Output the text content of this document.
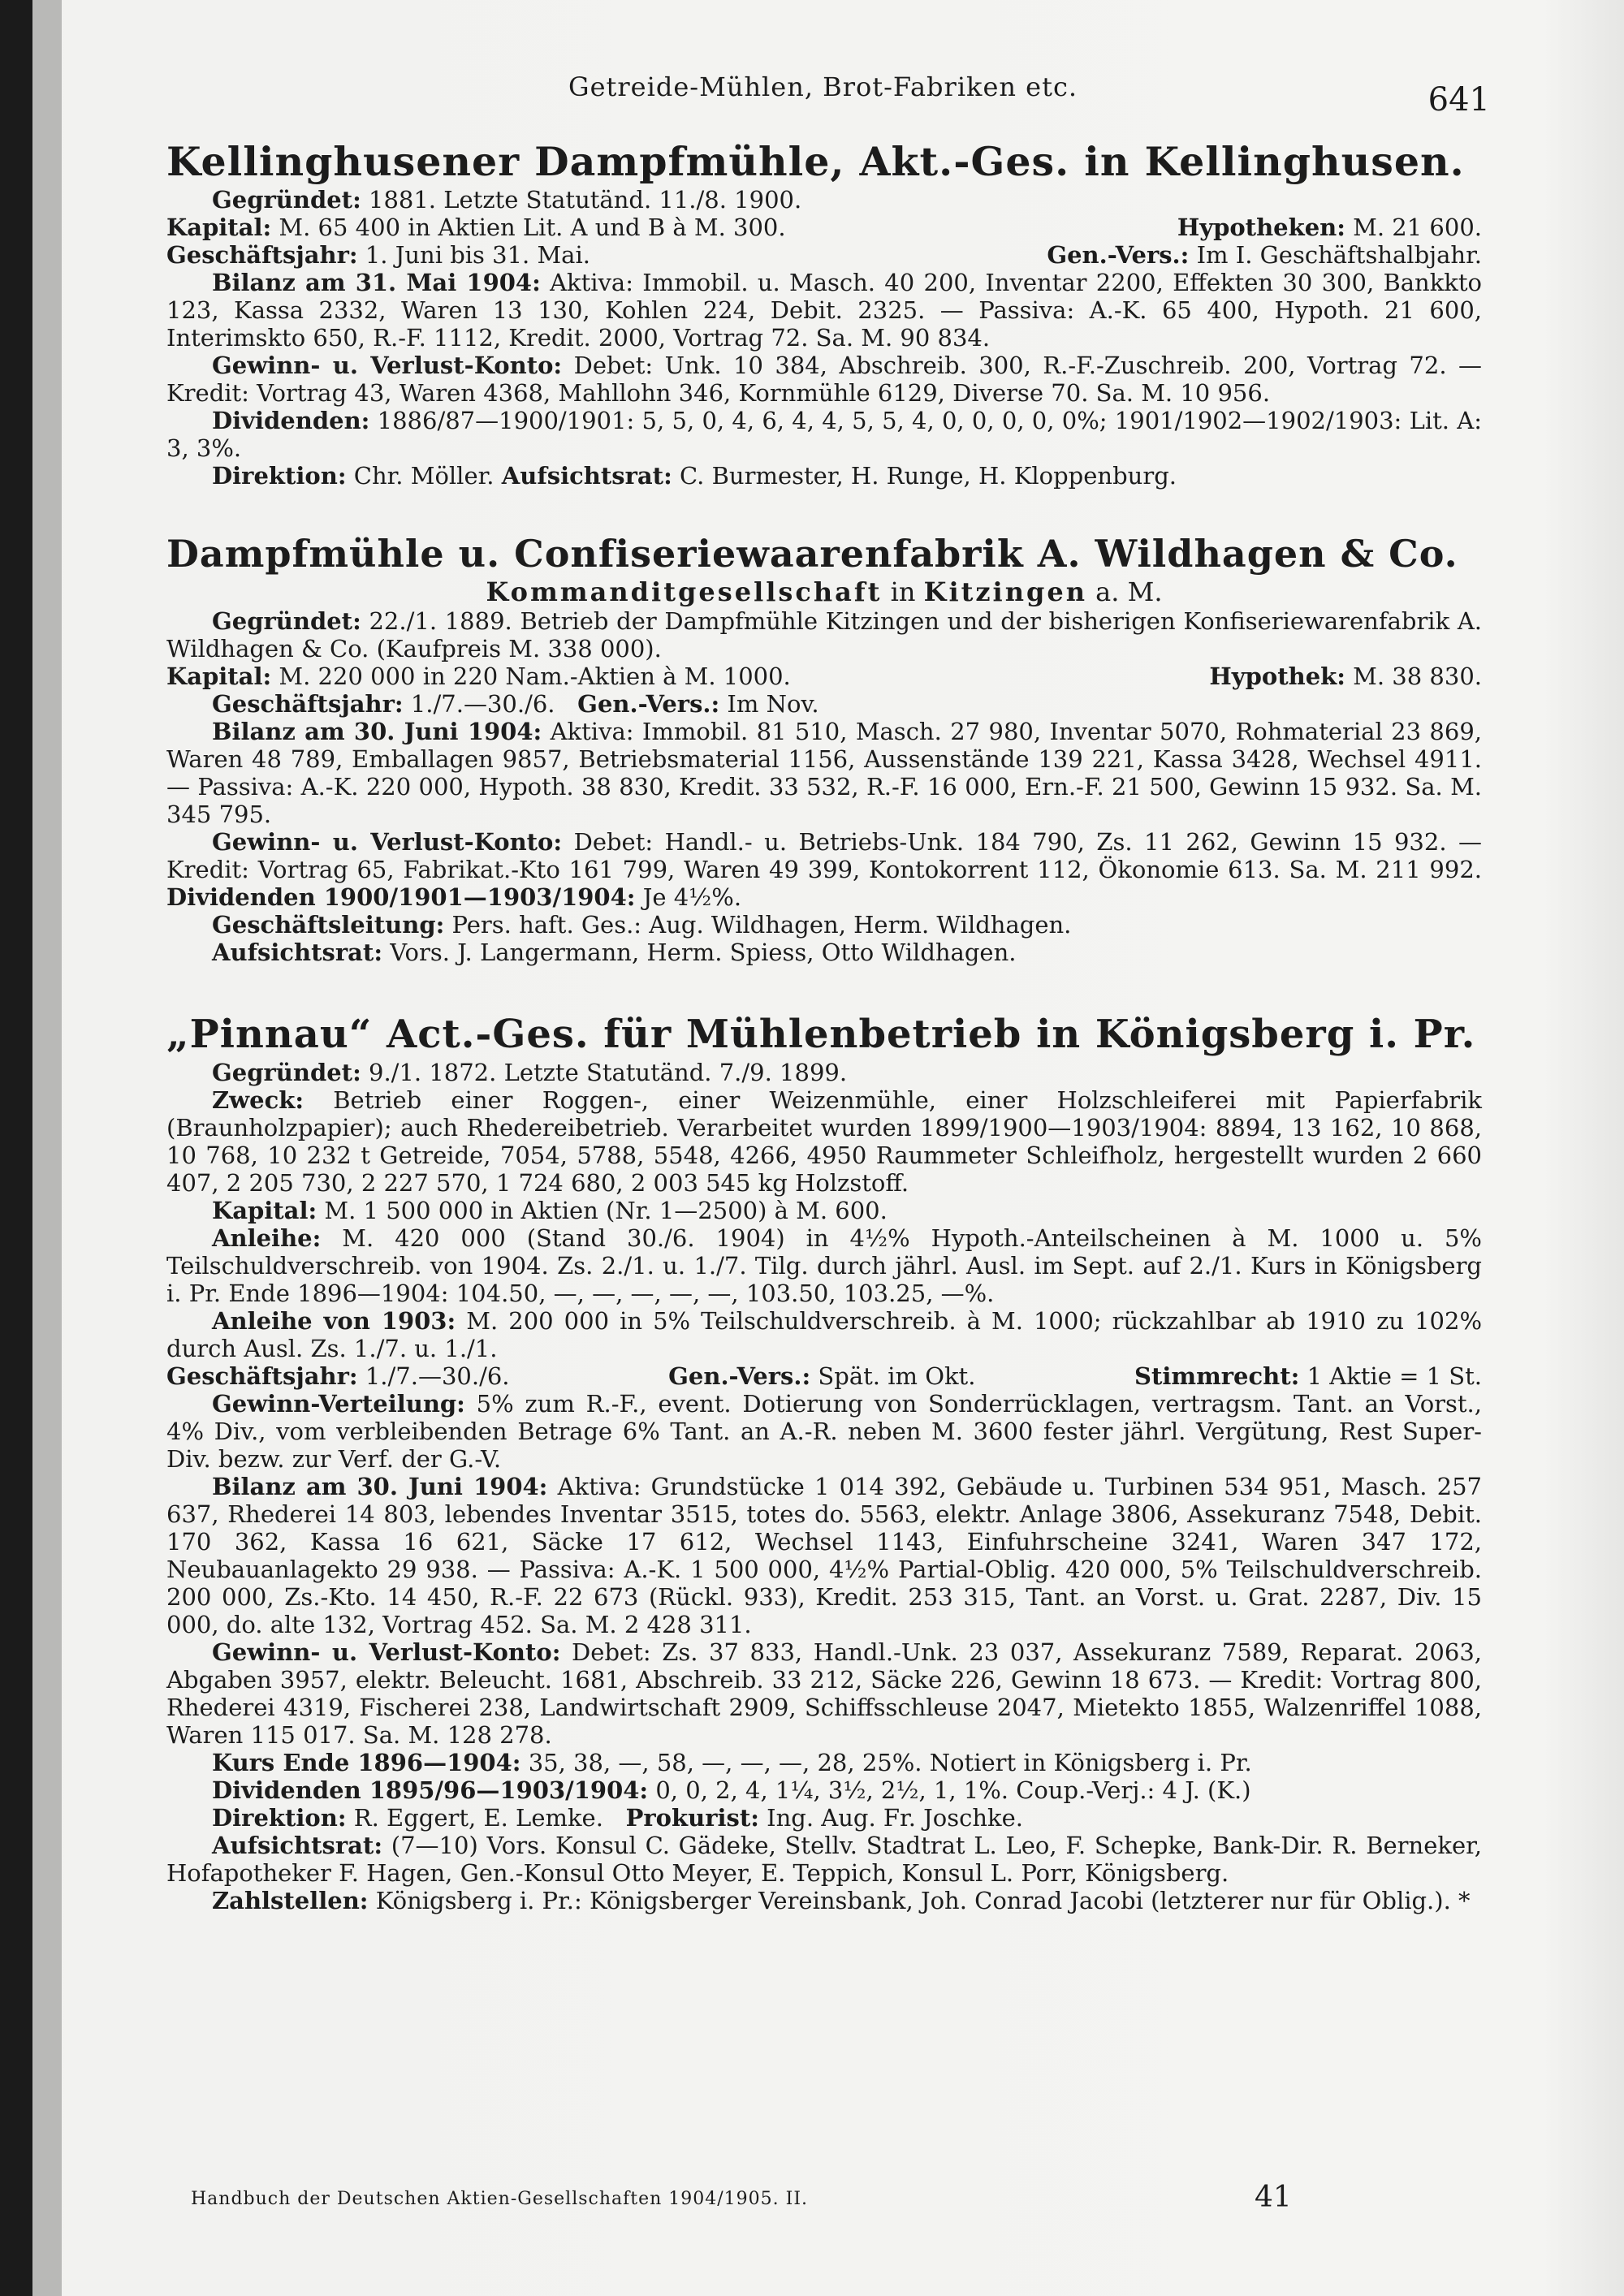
Getreide-Mühlen, Brot-Fabriken etc.	641
Kellinghusener Dampfmühle, Akt.-Ges. in Kellinghusen.

Gegründet: 1881. Letzte Statutänd. 11./8. 1900.

Kapital: M. 65 400 in Aktien Lit. A und B à M. 300.	Hypotheken: M. 21 600.

Geschäftsjahr: 1. Juni bis 31. Mai.	Gen.-Vers.: Im I. Geschäftshalbjahr.

Bilanz am 31. Mai 1904: Aktiva: Immobil. u. Masch. 40 200, Inventar 2200, Effekten 30 300, Bankkto 123, Kassa 2332, Waren 13 130, Kohlen 224, Debit. 2325. — Passiva: A.-K. 65 400, Hypoth. 21 600, Interimskto 650, R.-F. 1112, Kredit. 2000, Vortrag 72. Sa. M. 90 834.

Gewinn- u. Verlust-Konto: Debet: Unk. 10 384, Abschreib. 300, R.-F.-Zuschreib. 200, Vortrag 72. — Kredit: Vortrag 43, Waren 4368, Mahllohn 346, Kornmühle 6129, Diverse 70. Sa. M. 10 956.

Dividenden: 1886/87—1900/1901: 5, 5, 0, 4, 6, 4, 4, 5, 5, 4, 0, 0, 0, 0, 0%; 1901/1902—1902/1903: Lit. A: 3, 3%.

Direktion: Chr. Möller. Aufsichtsrat: C. Burmester, H. Runge, H. Kloppenburg.

Dampfmühle u. Confiseriewaarenfabrik A. Wildhagen & Co.
Kommanditgesellschaft in Kitzingen a. M.

Gegründet: 22./1. 1889. Betrieb der Dampfmühle Kitzingen und der bisherigen Konfiseriewarenfabrik A. Wildhagen & Co. (Kaufpreis M. 338 000).

Kapital: M. 220 000 in 220 Nam.-Aktien à M. 1000.	Hypothek: M. 38 830.

Geschäftsjahr: 1./7.—30./6. Gen.-Vers.: Im Nov.

Bilanz am 30. Juni 1904: Aktiva: Immobil. 81 510, Masch. 27 980, Inventar 5070, Rohmaterial 23 869, Waren 48 789, Emballagen 9857, Betriebsmaterial 1156, Aussenstände 139 221, Kassa 3428, Wechsel 4911. — Passiva: A.-K. 220 000, Hypoth. 38 830, Kredit. 33 532, R.-F. 16 000, Ern.-F. 21 500, Gewinn 15 932. Sa. M. 345 795.

Gewinn- u. Verlust-Konto: Debet: Handl.- u. Betriebs-Unk. 184 790, Zs. 11 262, Gewinn 15 932. — Kredit: Vortrag 65, Fabrikat.-Kto 161 799, Waren 49 399, Kontokorrent 112, Ökonomie 613. Sa. M. 211 992. Dividenden 1900/1901—1903/1904: Je 4½%.

Geschäftsleitung: Pers. haft. Ges.: Aug. Wildhagen, Herm. Wildhagen.

Aufsichtsrat: Vors. J. Langermann, Herm. Spiess, Otto Wildhagen.

„Pinnau“ Act.-Ges. für Mühlenbetrieb in Königsberg i. Pr.

Gegründet: 9./1. 1872. Letzte Statutänd. 7./9. 1899.

Zweck: Betrieb einer Roggen-, einer Weizenmühle, einer Holzschleiferei mit Papierfabrik (Braunholzpapier); auch Rhedereibetrieb. Verarbeitet wurden 1899/1900—1903/1904: 8894, 13 162, 10 868, 10 768, 10 232 t Getreide, 7054, 5788, 5548, 4266, 4950 Raummeter Schleifholz, hergestellt wurden 2 660 407, 2 205 730, 2 227 570, 1 724 680, 2 003 545 kg Holzstoff.

Kapital: M. 1 500 000 in Aktien (Nr. 1—2500) à M. 600.

Anleihe: M. 420 000 (Stand 30./6. 1904) in 4½% Hypoth.-Anteilscheinen à M. 1000 u. 5% Teilschuldverschreib. von 1904. Zs. 2./1. u. 1./7. Tilg. durch jährl. Ausl. im Sept. auf 2./1. Kurs in Königsberg i. Pr. Ende 1896—1904: 104.50, —, —, —, —, —, 103.50, 103.25, —%.

Anleihe von 1903: M. 200 000 in 5% Teilschuldverschreib. à M. 1000; rückzahlbar ab 1910 zu 102% durch Ausl. Zs. 1./7. u. 1./1.

Geschäftsjahr: 1./7.—30./6.	Gen.-Vers.: Spät. im Okt.	Stimmrecht: 1 Aktie = 1 St.

Gewinn-Verteilung: 5% zum R.-F., event. Dotierung von Sonderrücklagen, vertragsm. Tant. an Vorst., 4% Div., vom verbleibenden Betrage 6% Tant. an A.-R. neben M. 3600 fester jährl. Vergütung, Rest Super-Div. bezw. zur Verf. der G.-V.

Bilanz am 30. Juni 1904: Aktiva: Grundstücke 1 014 392, Gebäude u. Turbinen 534 951, Masch. 257 637, Rhederei 14 803, lebendes Inventar 3515, totes do. 5563, elektr. Anlage 3806, Assekuranz 7548, Debit. 170 362, Kassa 16 621, Säcke 17 612, Wechsel 1143, Einfuhrscheine 3241, Waren 347 172, Neubauanlagekto 29 938. — Passiva: A.-K. 1 500 000, 4½% Partial-Oblig. 420 000, 5% Teilschuldverschreib. 200 000, Zs.-Kto. 14 450, R.-F. 22 673 (Rückl. 933), Kredit. 253 315, Tant. an Vorst. u. Grat. 2287, Div. 15 000, do. alte 132, Vortrag 452. Sa. M. 2 428 311.

Gewinn- u. Verlust-Konto: Debet: Zs. 37 833, Handl.-Unk. 23 037, Assekuranz 7589, Reparat. 2063, Abgaben 3957, elektr. Beleucht. 1681, Abschreib. 33 212, Säcke 226, Gewinn 18 673. — Kredit: Vortrag 800, Rhederei 4319, Fischerei 238, Landwirtschaft 2909, Schiffsschleuse 2047, Mietekto 1855, Walzenriffel 1088, Waren 115 017. Sa. M. 128 278.

Kurs Ende 1896—1904: 35, 38, —, 58, —, —, —, 28, 25%. Notiert in Königsberg i. Pr.

Dividenden 1895/96—1903/1904: 0, 0, 2, 4, 1¼, 3½, 2½, 1, 1%. Coup.-Verj.: 4 J. (K.)

Direktion: R. Eggert, E. Lemke. Prokurist: Ing. Aug. Fr. Joschke.

Aufsichtsrat: (7—10) Vors. Konsul C. Gädeke, Stellv. Stadtrat L. Leo, F. Schepke, Bank-Dir. R. Berneker, Hofapotheker F. Hagen, Gen.-Konsul Otto Meyer, E. Teppich, Konsul L. Porr, Königsberg.

Zahlstellen: Königsberg i. Pr.: Königsberger Vereinsbank, Joh. Conrad Jacobi (letzterer nur für Oblig.). *

Handbuch der Deutschen Aktien-Gesellschaften 1904/1905. II.	41
